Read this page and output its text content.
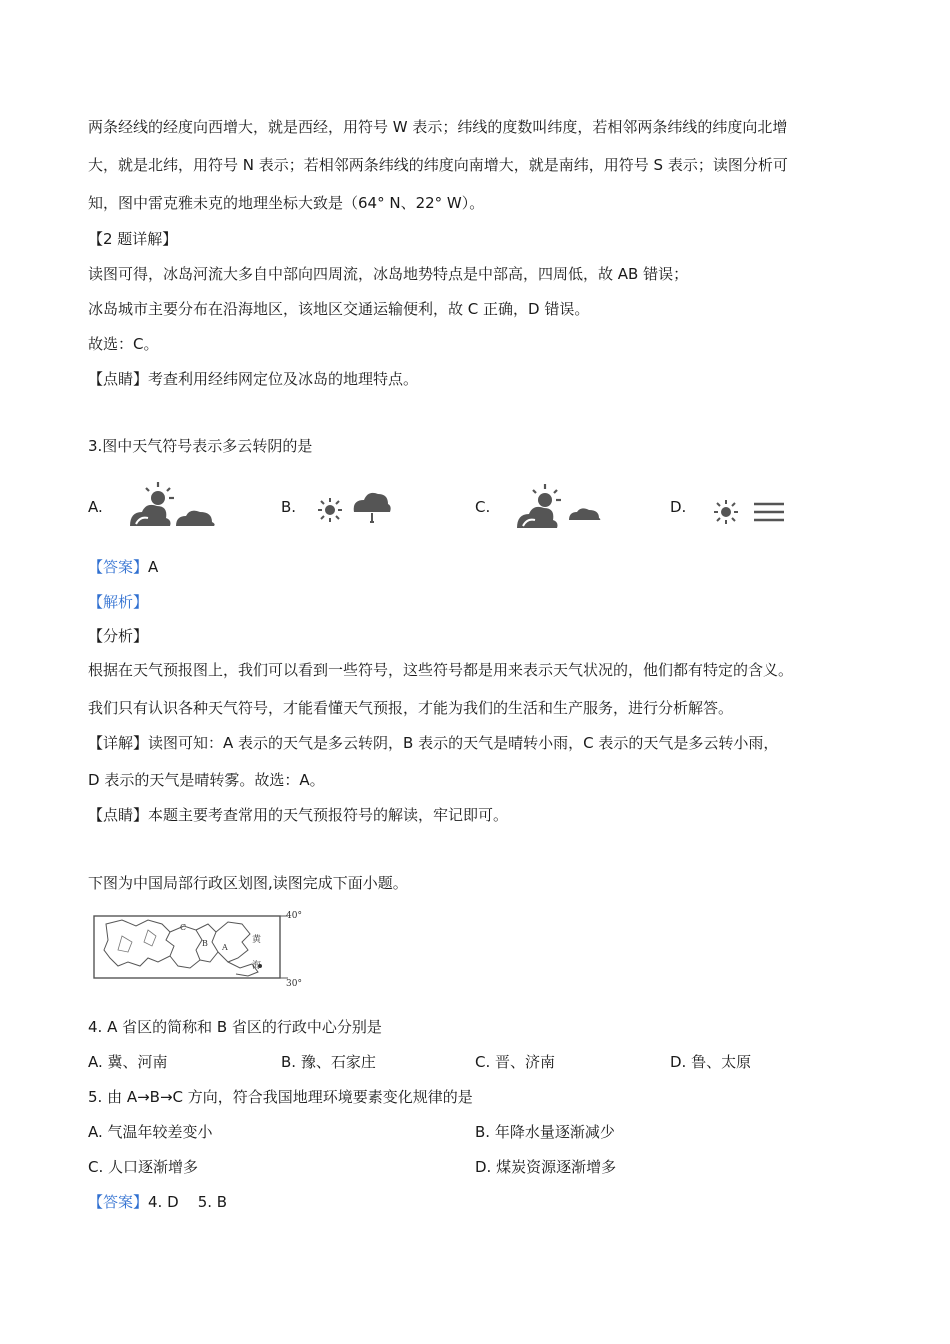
两条经线的经度向西增大，就是西经，用符号 W 表示；纬线的度数叫纬度，若相邻两条纬线的纬度向北增
大，就是北纬，用符号 N 表示；若相邻两条纬线的纬度向南增大，就是南纬，用符号 S 表示；读图分析可
知，图中雷克雅未克的地理坐标大致是（64° N、22° W）。
【2 题详解】
读图可得，冰岛河流大多自中部向四周流，冰岛地势特点是中部高，四周低，故 AB 错误；
冰岛城市主要分布在沿海地区，该地区交通运输便利，故 C 正确，D 错误。
故选：C。
【点睛】考查利用经纬网定位及冰岛的地理特点。
3.图中天气符号表示多云转阴的是
A.	B.	C.	D.
【答案】A
【解析】
【分析】
根据在天气预报图上，我们可以看到一些符号，这些符号都是用来表示天气状况的，他们都有特定的含义。
我们只有认识各种天气符号，才能看懂天气预报，才能为我们的生活和生产服务，进行分析解答。
【详解】读图可知：A 表示的天气是多云转阴，B 表示的天气是晴转小雨，C 表示的天气是多云转小雨，
D 表示的天气是晴转雾。故选：A。
【点睛】本题主要考查常用的天气预报符号的解读，牢记即可。
下图为中国局部行政区划图,读图完成下面小题。
40°
30°
C
B A
黄
海
4. A 省区的简称和 B 省区的行政中心分别是
A. 冀、河南	B. 豫、石家庄	C. 晋、济南	D. 鲁、太原
5. 由 A→B→C 方向，符合我国地理环境要素变化规律的是
A. 气温年较差变小	B. 年降水量逐渐减少
C. 人口逐渐增多	D. 煤炭资源逐渐增多
【答案】4. D    5. B
